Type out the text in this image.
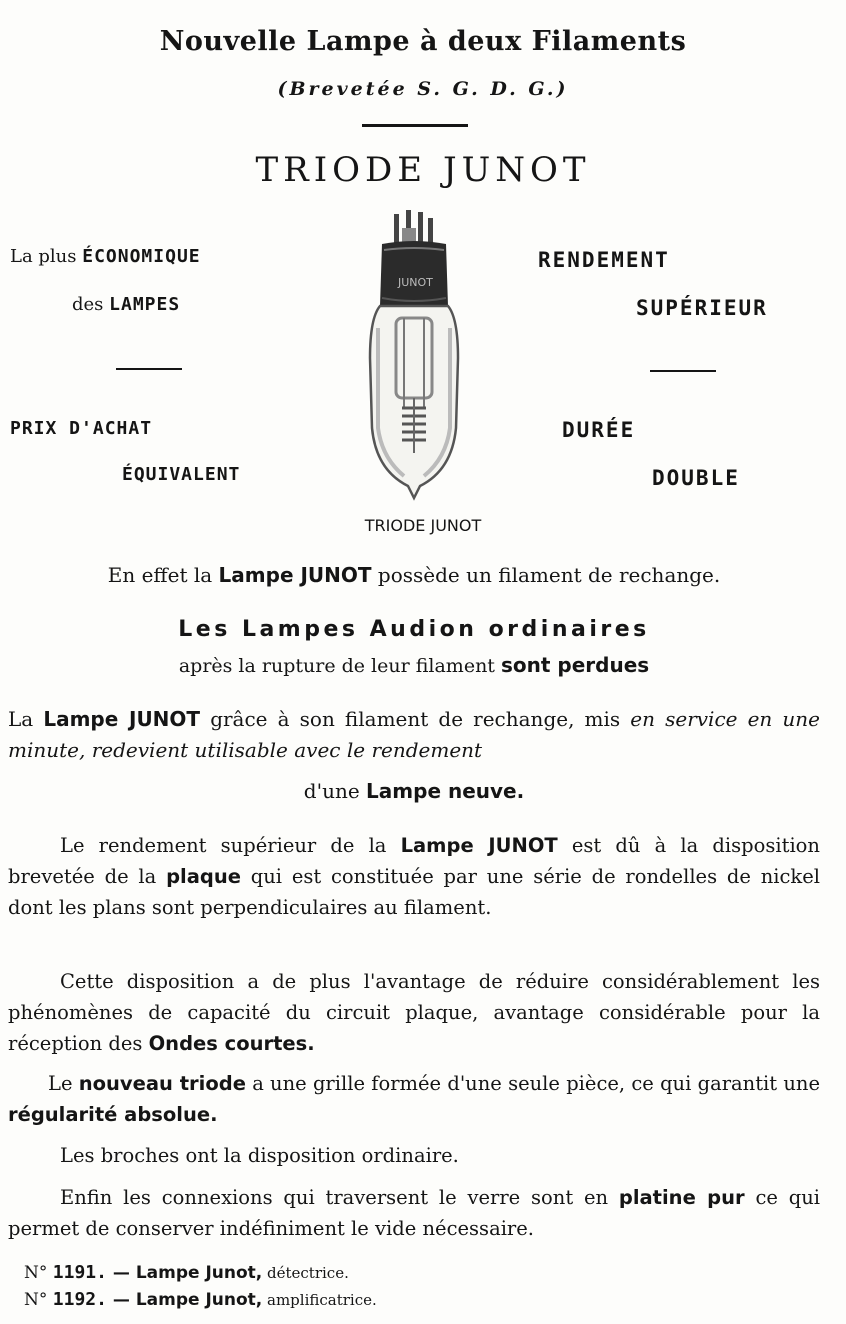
Nouvelle Lampe à deux Filaments
(Brevetée S. G. D. G.)
TRIODE JUNOT
La plus ÉCONOMIQUE
des LAMPES
PRIX D'ACHAT
ÉQUIVALENT
RENDEMENT
SUPÉRIEUR
DURÉE
DOUBLE
JUNOT
TRIODE JUNOT
En effet la Lampe JUNOT possède un filament de rechange.
Les Lampes Audion ordinaires
après la rupture de leur filament sont perdues
La Lampe JUNOT grâce à son filament de rechange, mis en service en une minute, redevient utilisable avec le rendement
d'une Lampe neuve.
Le rendement supérieur de la Lampe JUNOT est dû à la disposition brevetée de la plaque qui est constituée par une série de rondelles de nickel dont les plans sont perpendiculaires au filament.
Cette disposition a de plus l'avantage de réduire considérablement les phénomènes de capacité du circuit plaque, avantage considérable pour la réception des Ondes courtes.
Le nouveau triode a une grille formée d'une seule pièce, ce qui garantit une régularité absolue.
Les broches ont la disposition ordinaire.
Enfin les connexions qui traversent le verre sont en platine pur ce qui permet de conserver indéfiniment le vide nécessaire.
N° 1191. — Lampe Junot, détectrice.
N° 1192. — Lampe Junot, amplificatrice.
